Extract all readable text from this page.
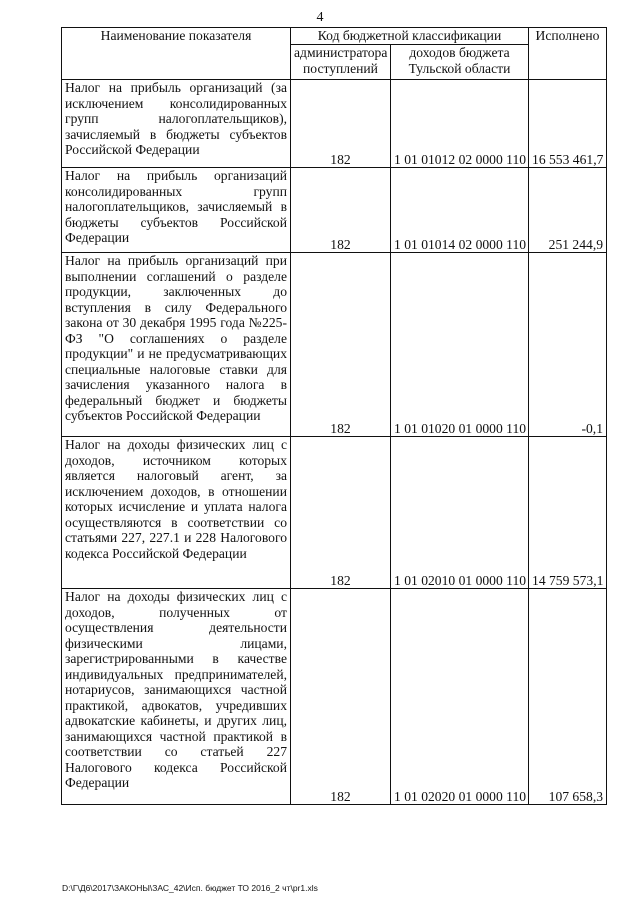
4
Наименование показателя	Код бюджетной классификации		Исполнено
	администратора поступлений	доходов бюджета Тульской области	
Налог на прибыль организаций (за исключением консолидированных групп налогоплательщиков), зачисляемый в бюджеты субъектов Российской Федерации	182	1 01 01012 02 0000 110	16 553 461,7
Налог на прибыль организаций консолидированных групп налогоплательщиков, зачисляемый в бюджеты субъектов Российской Федерации	182	1 01 01014 02 0000 110	251 244,9
Налог на прибыль организаций при выполнении соглашений о разделе продукции, заключенных до вступления в силу Федерального закона от 30 декабря 1995 года №225-ФЗ "О соглашениях о разделе продукции" и не предусматривающих специальные налоговые ставки для зачисления указанного налога в федеральный бюджет и бюджеты субъектов Российской Федерации	182	1 01 01020 01 0000 110	-0,1
Налог на доходы физических лиц с доходов, источником которых является налоговый агент, за исключением доходов, в отношении которых исчисление и уплата налога осуществляются в соответствии со статьями 227, 227.1 и 228 Налогового кодекса Российской Федерации	182	1 01 02010 01 0000 110	14 759 573,1
Налог на доходы физических лиц с доходов, полученных от осуществления деятельности физическими лицами, зарегистрированными в качестве индивидуальных предпринимателей, нотариусов, занимающихся частной практикой, адвокатов, учредивших адвокатские кабинеты, и других лиц, занимающихся частной практикой в соответствии со статьей 227 Налогового кодекса Российской Федерации	182	1 01 02020 01 0000 110	107 658,3
D:\Г\Д6\2017\ЗАКОНЫ\ЗАС_42\Исп. бюджет ТО 2016_2 чт\pr1.xls
